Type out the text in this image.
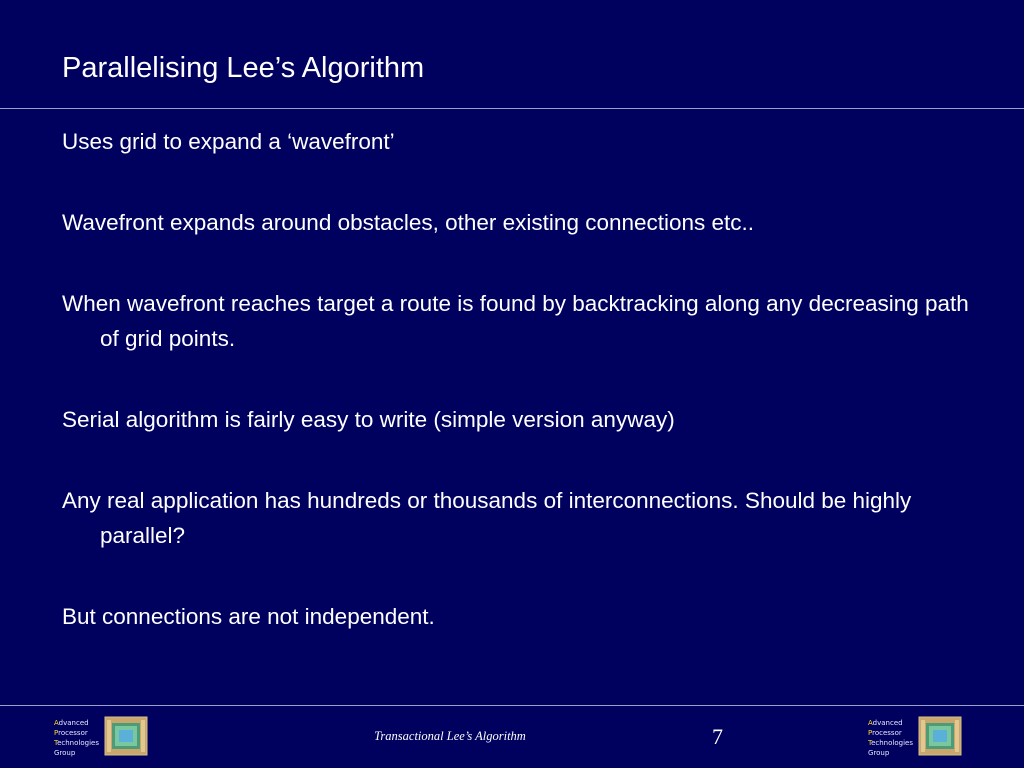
Parallelising Lee’s Algorithm

Uses grid to expand a ‘wavefront’

Wavefront expands around obstacles, other existing connections etc..

When wavefront reaches target a route is found by backtracking along any decreasing path of grid points.

Serial algorithm is fairly easy to write (simple version anyway)

Any real application has hundreds or thousands of interconnections. Should be highly parallel?

But connections are not independent.

Advanced
Processor
Technologies
Group
Transactional Lee’s Algorithm	7
Advanced
Processor
Technologies
Group
